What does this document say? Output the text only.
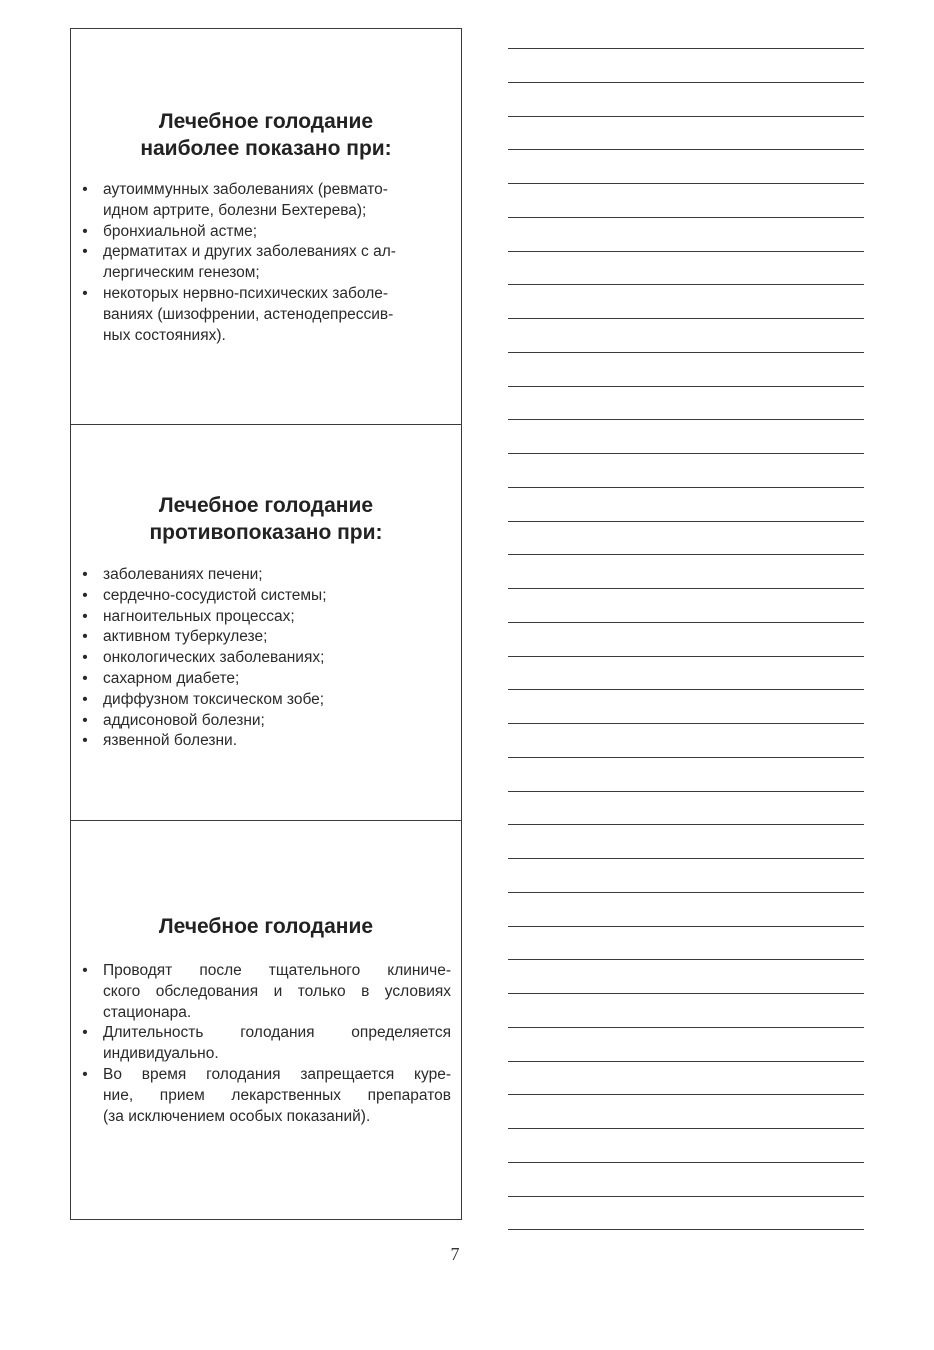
Лечебное голодание
наиболее показано при:
• аутоиммунных заболеваниях (ревмато-
идном артрите, болезни Бехтерева);
• бронхиальной астме;
• дерматитах и других заболеваниях с ал-
лергическим генезом;
• некоторых нервно-психических заболе-
ваниях (шизофрении, астенодепрессив-
ных состояниях).
Лечебное голодание
противопоказано при:
• заболеваниях печени;
• сердечно-сосудистой системы;
• нагноительных процессах;
• активном туберкулезе;
• онкологических заболеваниях;
• сахарном диабете;
• диффузном токсическом зобе;
• аддисоновой болезни;
• язвенной болезни.
Лечебное голодание
• Проводят после тщательного клиниче-
ского обследования и только в условиях
стационара.
• Длительность голодания определяется
индивидуально.
• Во время голодания запрещается куре-
ние, прием лекарственных препаратов
(за исключением особых показаний).
7
